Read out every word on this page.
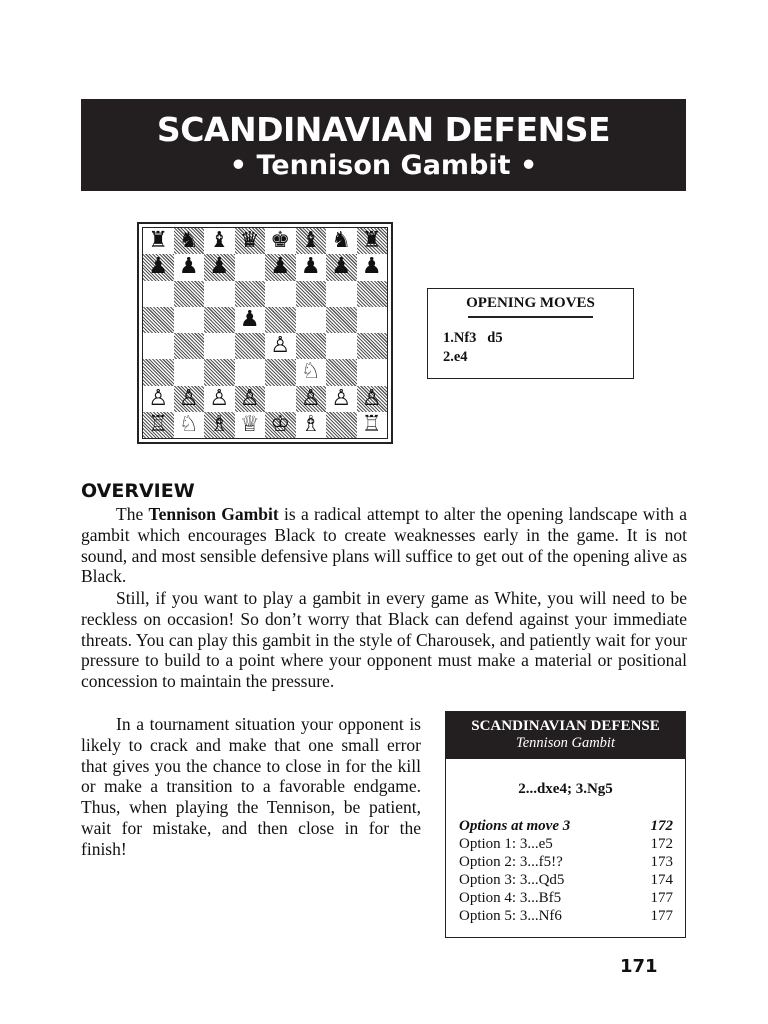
SCANDINAVIAN DEFENSE
• Tennison Gambit •
♜ ♞ ♝ ♛ ♚ ♝ ♞ ♜
♟ ♟ ♟ ♟ ♟ ♟ ♟
♟
♙
♘
♙ ♙ ♙ ♙ ♙ ♙ ♙
♖ ♘ ♗ ♕ ♔ ♗ ♖
OPENING MOVES
1.Nf3   d5
2.e4
OVERVIEW

The Tennison Gambit is a radical attempt to alter the opening landscape with a gambit which encourages Black to create weaknesses early in the game. It is not sound, and most sensible defensive plans will suffice to get out of the opening alive as Black.

Still, if you want to play a gambit in every game as White, you will need to be reckless on occasion! So don’t worry that Black can defend against your immediate threats. You can play this gambit in the style of Charousek, and patiently wait for your pressure to build to a point where your opponent must make a material or positional concession to maintain the pressure.

In a tournament situation your opponent is likely to crack and make that one small error that gives you the chance to close in for the kill or make a transition to a favorable endgame. Thus, when playing the Tennison, be patient, wait for mistake, and then close in for the finish!

SCANDINAVIAN DEFENSE
Tennison Gambit
2...dxe4; 3.Ng5
Options at move 3	172
Option 1: 3...e5	172
Option 2: 3...f5!?	173
Option 3: 3...Qd5	174
Option 4: 3...Bf5	177
Option 5: 3...Nf6	177
171
